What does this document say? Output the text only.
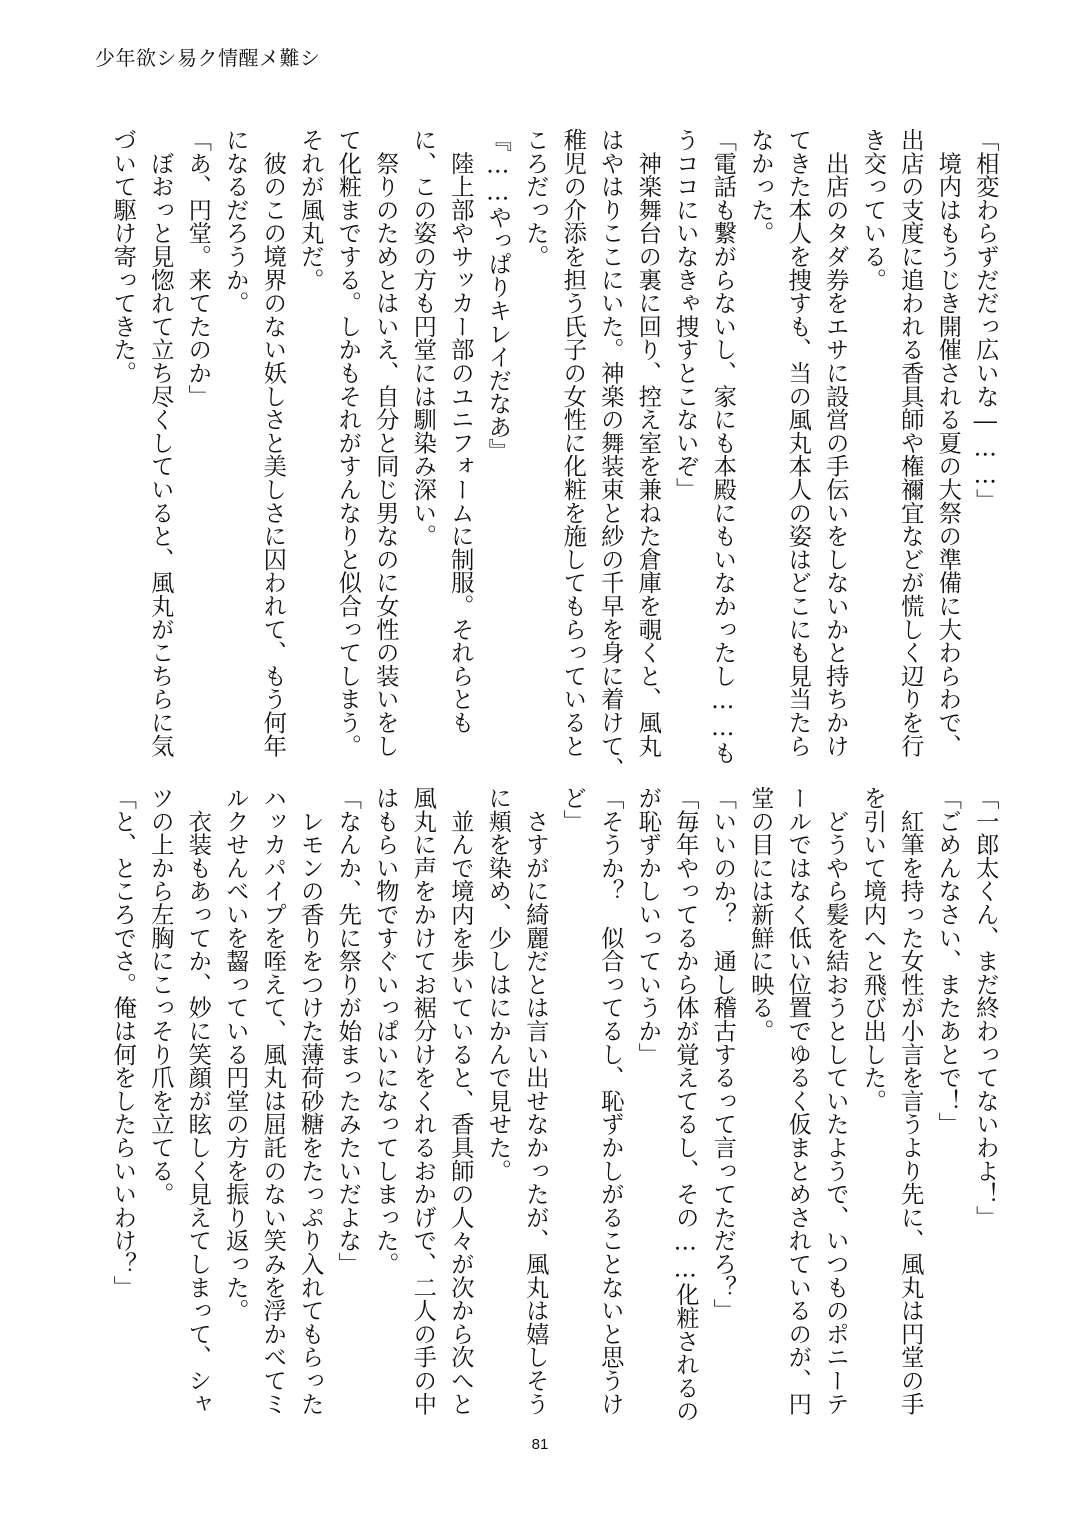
少年欲シ易ク情醒メ難シ
「相変わらずだだっ広いな―……」
　境内はもうじき開催される夏の大祭の準備に大わらわで、
出店の支度に追われる香具師や権禰宜などが慌しく辺りを行
き交っている。
　出店のタダ券をエサに設営の手伝いをしないかと持ちかけ
てきた本人を捜すも、当の風丸本人の姿はどこにも見当たら
なかった。
「電話も繋がらないし、家にも本殿にもいなかったし……も
うココにいなきゃ捜すとこないぞ」
　神楽舞台の裏に回り、控え室を兼ねた倉庫を覗くと、風丸
はやはりここにいた。神楽の舞装束と紗の千早を身に着けて、
稚児の介添を担う氏子の女性に化粧を施してもらっていると
ころだった。
『……やっぱりキレイだなあ』
　陸上部やサッカー部のユニフォームに制服。それらとも
に、この姿の方も円堂には馴染み深い。
　祭りのためとはいえ、自分と同じ男なのに女性の装いをし
て化粧までする。しかもそれがすんなりと似合ってしまう。
それが風丸だ。
　彼のこの境界のない妖しさと美しさに囚われて、もう何年
になるだろうか。
「あ、円堂。来てたのか」
　ぼおっと見惚れて立ち尽くしていると、風丸がこちらに気
づいて駆け寄ってきた。
「一郎太くん、まだ終わってないわよ！」
「ごめんなさい、またあとで！」
　紅筆を持った女性が小言を言うより先に、風丸は円堂の手
を引いて境内へと飛び出した。
　どうやら髪を結おうとしていたようで、いつものポニーテ
ールではなく低い位置でゆるく仮まとめされているのが、円
堂の目には新鮮に映る。
「いいのか？　通し稽古するって言ってただろ？」
「毎年やってるから体が覚えてるし、その……化粧されるの
が恥ずかしいっていうか」
「そうか？　似合ってるし、恥ずかしがることないと思うけ
ど」
　さすがに綺麗だとは言い出せなかったが、風丸は嬉しそう
に頬を染め、少しはにかんで見せた。
　並んで境内を歩いていると、香具師の人々が次から次へと
風丸に声をかけてお裾分けをくれるおかげで、二人の手の中
はもらい物ですぐいっぱいになってしまった。
「なんか、先に祭りが始まったみたいだよな」
　レモンの香りをつけた薄荷砂糖をたっぷり入れてもらった
ハッカパイプを咥えて、風丸は屈託のない笑みを浮かべてミ
ルクせんべいを齧っている円堂の方を振り返った。
　衣装もあってか、妙に笑顔が眩しく見えてしまって、シャ
ツの上から左胸にこっそり爪を立てる。
「と、ところでさ。俺は何をしたらいいわけ？」
81
